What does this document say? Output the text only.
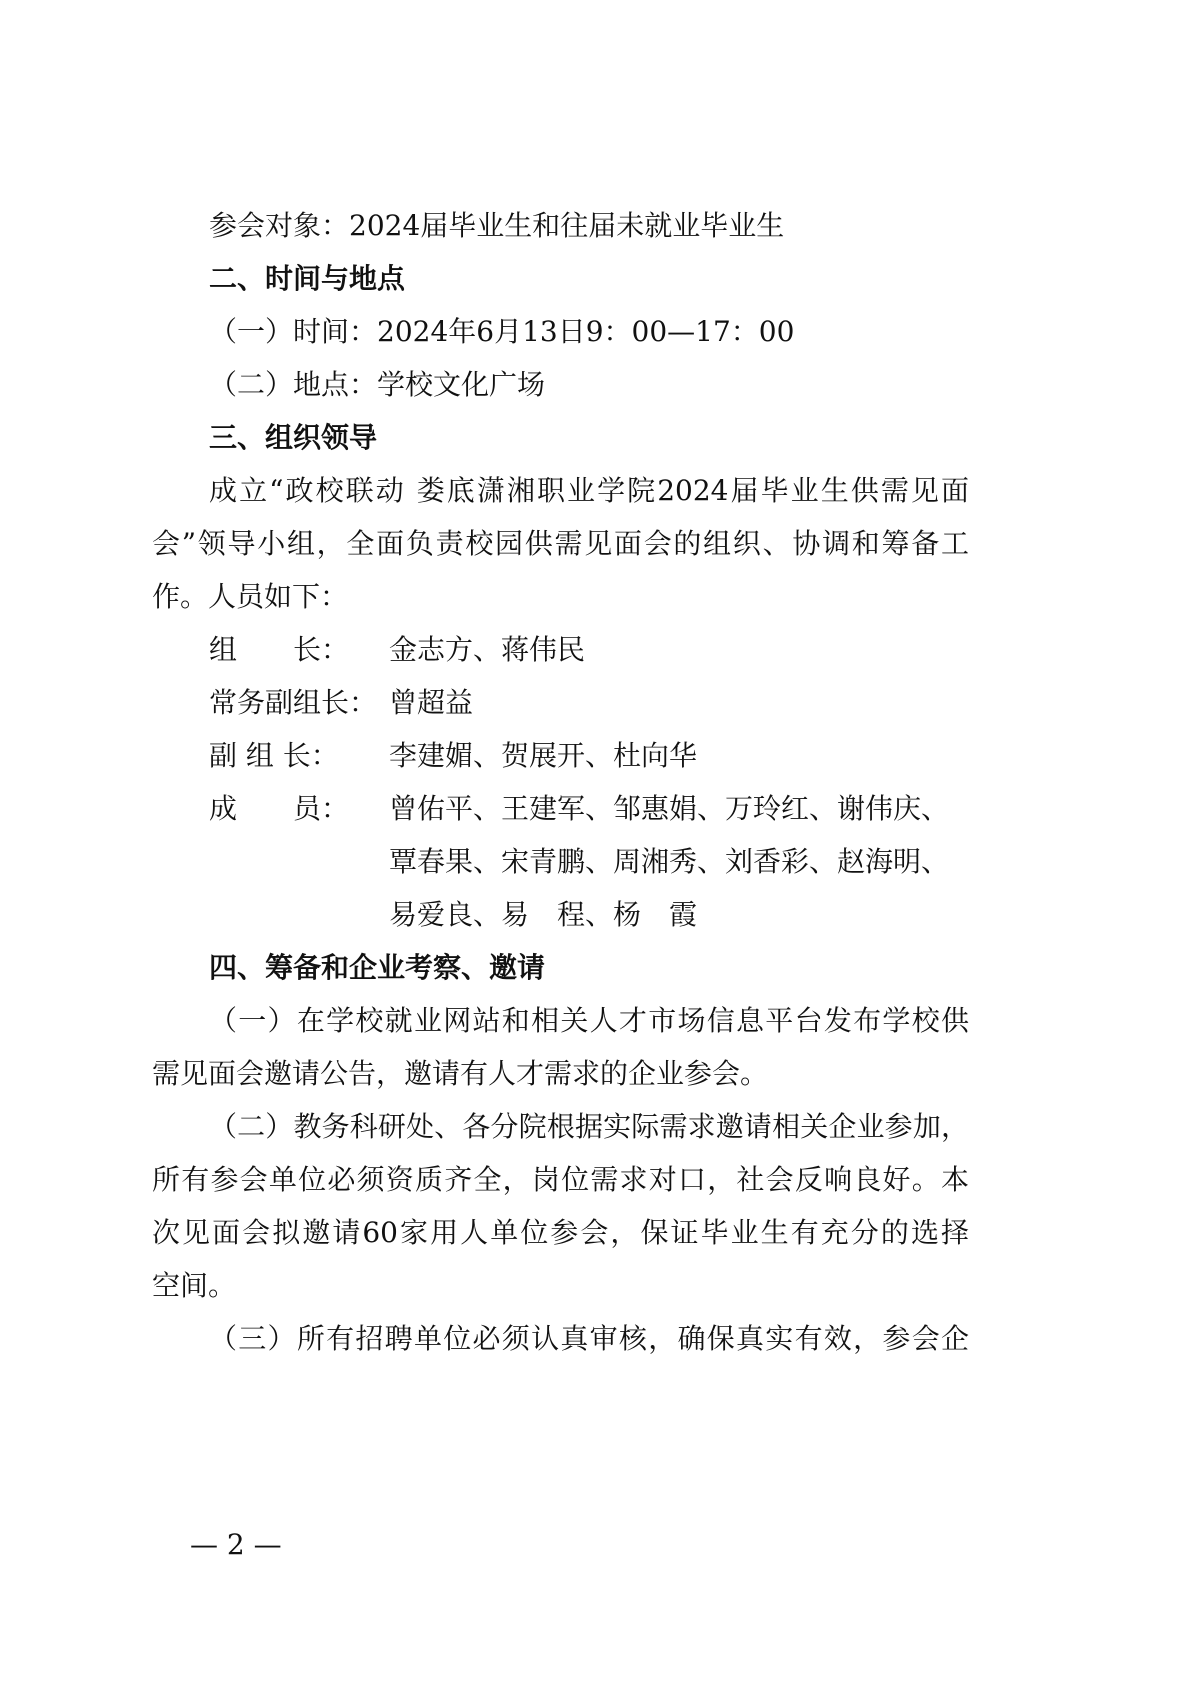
参会对象：2024届毕业生和往届未就业毕业生
二、时间与地点
（一）时间：2024年6月13日9：00—17：00
（二）地点：学校文化广场
三、组织领导
成立“政校联动 娄底潇湘职业学院2024届毕业生供需见面
会”领导小组，全面负责校园供需见面会的组织、协调和筹备工
作。人员如下：
组　　长： 金志方、蒋伟民
常务副组长： 曾超益
副 组 长： 李建媚、贺展开、杜向华
成　　员： 曾佑平、王建军、邹惠娟、万玲红、谢伟庆、
覃春果、宋青鹏、周湘秀、刘香彩、赵海明、
易爱良、易　程、杨　霞
四、筹备和企业考察、邀请
（一）在学校就业网站和相关人才市场信息平台发布学校供
需见面会邀请公告，邀请有人才需求的企业参会。
（二）教务科研处、各分院根据实际需求邀请相关企业参加，
所有参会单位必须资质齐全，岗位需求对口，社会反响良好。本
次见面会拟邀请60家用人单位参会，保证毕业生有充分的选择
空间。
（三）所有招聘单位必须认真审核，确保真实有效，参会企
— 2 —
